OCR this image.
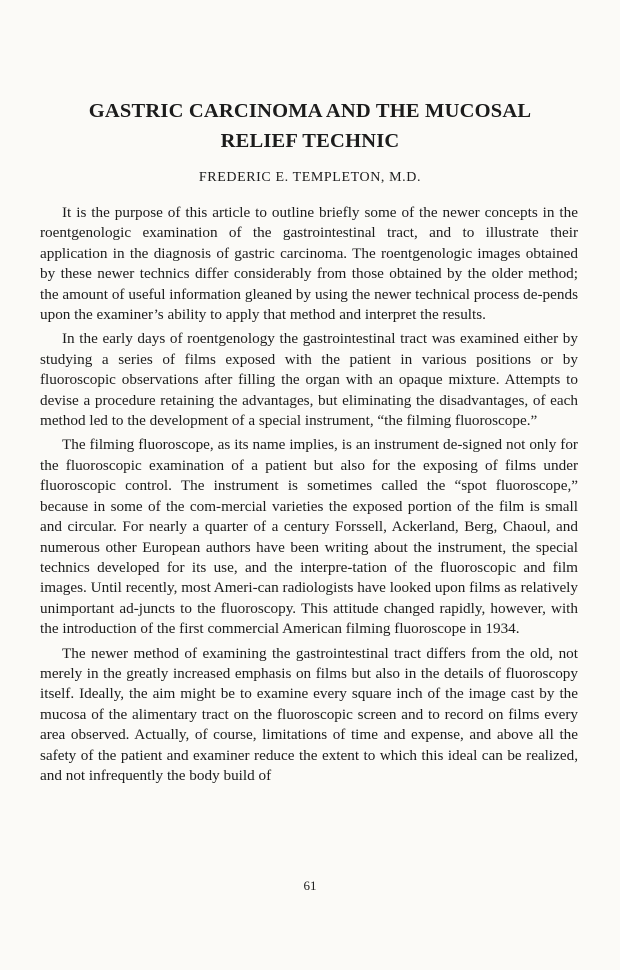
GASTRIC CARCINOMA AND THE MUCOSAL
RELIEF TECHNIC
FREDERIC E. TEMPLETON, M.D.

It is the purpose of this article to outline briefly some of the newer concepts in the roentgenologic examination of the gastrointestinal tract, and to illustrate their application in the diagnosis of gastric carcinoma. The roentgenologic images obtained by these newer technics differ considerably from those obtained by the older method; the amount of useful information gleaned by using the newer technical process de-pends upon the examiner’s ability to apply that method and interpret the results.

In the early days of roentgenology the gastrointestinal tract was examined either by studying a series of films exposed with the patient in various positions or by fluoroscopic observations after filling the organ with an opaque mixture. Attempts to devise a procedure retaining the advantages, but eliminating the disadvantages, of each method led to the development of a special instrument, “the filming fluoroscope.”

The filming fluoroscope, as its name implies, is an instrument de-signed not only for the fluoroscopic examination of a patient but also for the exposing of films under fluoroscopic control. The instrument is sometimes called the “spot fluoroscope,” because in some of the com-mercial varieties the exposed portion of the film is small and circular. For nearly a quarter of a century Forssell, Ackerland, Berg, Chaoul, and numerous other European authors have been writing about the instrument, the special technics developed for its use, and the interpre-tation of the fluoroscopic and film images. Until recently, most Ameri-can radiologists have looked upon films as relatively unimportant ad-juncts to the fluoroscopy. This attitude changed rapidly, however, with the introduction of the first commercial American filming fluoroscope in 1934.

The newer method of examining the gastrointestinal tract differs from the old, not merely in the greatly increased emphasis on films but also in the details of fluoroscopy itself. Ideally, the aim might be to examine every square inch of the image cast by the mucosa of the alimentary tract on the fluoroscopic screen and to record on films every area observed. Actually, of course, limitations of time and expense, and above all the safety of the patient and examiner reduce the extent to which this ideal can be realized, and not infrequently the body build of

61
